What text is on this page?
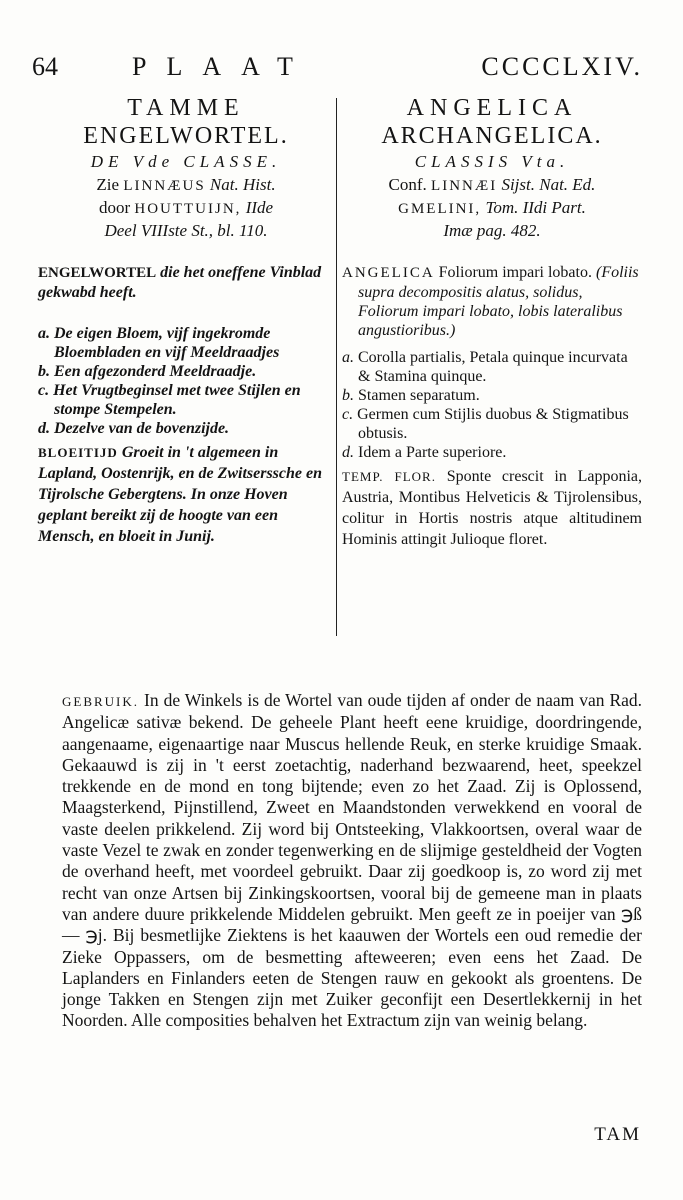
64	PLAAT	CCCCLXIV.

TAMME

ENGELWORTEL.

DE Vde CLASSE.

Zie LINNÆUS Nat. Hist.

door HOUTTUIJN, IIde

Deel VIIIste St., bl. 110.

ENGELWORTEL die het oneffene Vinblad gekwabd heeft.

a. De eigen Bloem, vijf ingekromde Bloembladen en vijf Meeldraadjes

b. Een afgezonderd Meeldraadje.

c. Het Vrugtbeginsel met twee Stijlen en stompe Stempelen.

d. Dezelve van de bovenzijde.

BLOEITIJD Groeit in 't algemeen in Lapland, Oostenrijk, en de Zwitserssche en Tijrolsche Gebergtens. In onze Hoven geplant bereikt zij de hoogte van een Mensch, en bloeit in Junij.

ANGELICA

ARCHANGELICA.

CLASSIS Vta.

Conf. LINNÆI Sijst. Nat. Ed.

GMELINI, Tom. IIdi Part.

Imæ pag. 482.

ANGELICA Foliorum impari lobato. (Foliis supra decompositis alatus, solidus, Foliorum impari lobato, lobis lateralibus angustioribus.)

a. Corolla partialis, Petala quinque incurvata & Stamina quinque.

b. Stamen separatum.

c. Germen cum Stijlis duobus & Stigmatibus obtusis.

d. Idem a Parte superiore.

TEMP. FLOR. Sponte crescit in Lapponia, Austria, Montibus Helveticis & Tijrolensibus, colitur in Hortis nostris atque altitudinem Hominis attingit Julioque floret.
GEBRUIK. In de Winkels is de Wortel van oude tijden af onder de naam van Rad. Angelicæ sativæ bekend. De geheele Plant heeft eene kruidige, doordringende, aangenaame, eigenaartige naar Muscus hellende Reuk, en sterke kruidige Smaak. Gekaauwd is zij in 't eerst zoetachtig, naderhand bezwaarend, heet, speekzel trekkende en de mond en tong bijtende; even zo het Zaad. Zij is Oplossend, Maagsterkend, Pijnstillend, Zweet en Maandstonden verwekkend en vooral de vaste deelen prikkelend. Zij word bij Ontsteeking, Vlakkoortsen, overal waar de vaste Vezel te zwak en zonder tegenwerking en de slijmige gesteldheid der Vogten de overhand heeft, met voordeel gebruikt. Daar zij goedkoop is, zo word zij met recht van onze Artsen bij Zinkingskoortsen, vooral bij de gemeene man in plaats van andere duure prikkelende Middelen gebruikt. Men geeft ze in poeijer van ℈ß — ℈j. Bij besmetlijke Ziektens is het kaauwen der Wortels een oud remedie der Zieke Oppassers, om de besmetting afteweeren; even eens het Zaad. De Laplanders en Finlanders eeten de Stengen rauw en gekookt als groentens. De jonge Takken en Stengen zijn met Zuiker geconfijt een Desertlekkernij in het Noorden. Alle composities behalven het Extractum zijn van weinig belang.
TAM
